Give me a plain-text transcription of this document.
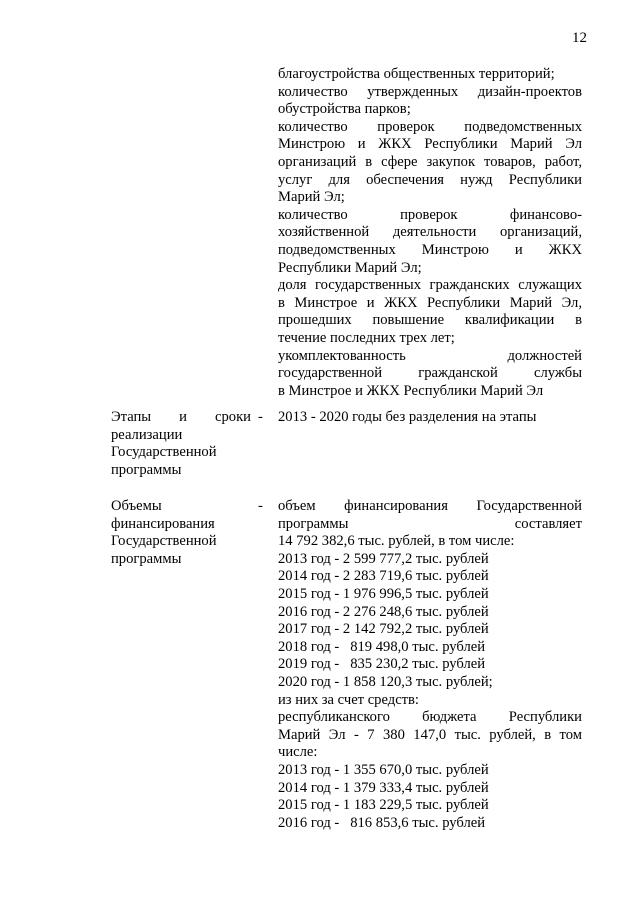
12
благоустройства общественных территорий;
количество утвержденных дизайн-проектов
обустройства парков;
количество проверок подведомственных
Минстрою и ЖКХ Республики Марий Эл
организаций в сфере закупок товаров, работ,
услуг для обеспечения нужд Республики
Марий Эл;
количество проверок финансово-
хозяйственной деятельности организаций,
подведомственных Минстрою и ЖКХ
Республики Марий Эл;
доля государственных гражданских служащих
в Минстрое и ЖКХ Республики Марий Эл,
прошедших повышение квалификации в
течение последних трех лет;
укомплектованность должностей
государственной гражданской службы
в Минстрое и ЖКХ Республики Марий Эл
Этапы и сроки
реализации
Государственной
программы
- 2013 - 2020 годы без разделения на этапы
Объемы
финансирования
Государственной
программы
- объем финансирования Государственной
программы составляет
14 792 382,6 тыс. рублей, в том числе:
2013 год - 2 599 777,2 тыс. рублей
2014 год - 2 283 719,6 тыс. рублей
2015 год - 1 976 996,5 тыс. рублей
2016 год - 2 276 248,6 тыс. рублей
2017 год - 2 142 792,2 тыс. рублей
2018 год -   819 498,0 тыс. рублей
2019 год -   835 230,2 тыс. рублей
2020 год - 1 858 120,3 тыс. рублей;
из них за счет средств:
республиканского бюджета Республики
Марий Эл - 7 380 147,0 тыс. рублей, в том
числе:
2013 год - 1 355 670,0 тыс. рублей
2014 год - 1 379 333,4 тыс. рублей
2015 год - 1 183 229,5 тыс. рублей
2016 год -   816 853,6 тыс. рублей
